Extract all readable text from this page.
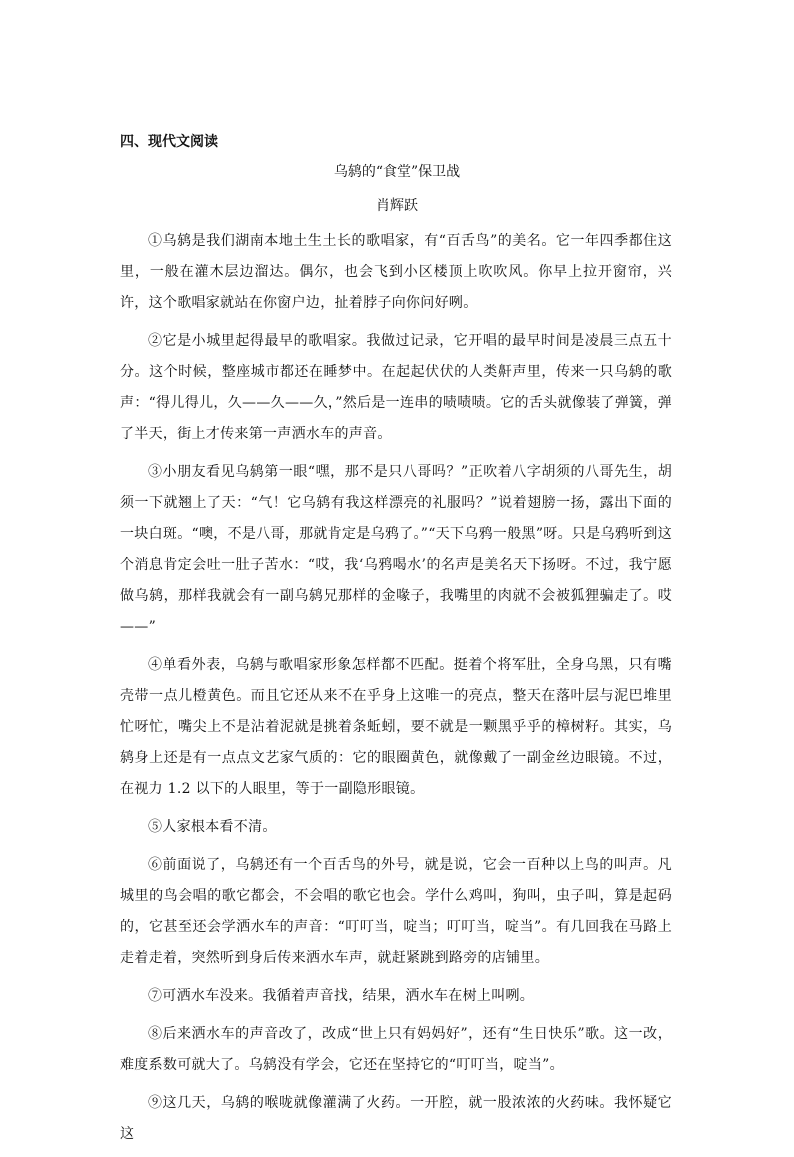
四、现代文阅读
乌鸫的“食堂”保卫战
肖辉跃

①乌鸫是我们湖南本地土生土长的歌唱家，有“百舌鸟”的美名。它一年四季都住这里，一般在灌木层边溜达。偶尔，也会飞到小区楼顶上吹吹风。你早上拉开窗帘，兴许，这个歌唱家就站在你窗户边，扯着脖子向你问好咧。

②它是小城里起得最早的歌唱家。我做过记录，它开唱的最早时间是凌晨三点五十分。这个时候，整座城市都还在睡梦中。在起起伏伏的人类鼾声里，传来一只乌鸫的歌声：“得儿得儿，久——久——久，”然后是一连串的啧啧啧。它的舌头就像装了弹簧，弹了半天，街上才传来第一声洒水车的声音。

③小朋友看见乌鸫第一眼“嘿，那不是只八哥吗？”正吹着八字胡须的八哥先生，胡须一下就翘上了天：“气！它乌鸫有我这样漂亮的礼服吗？”说着翅膀一扬，露出下面的一块白斑。“噢，不是八哥，那就肯定是乌鸦了。”“天下乌鸦一般黑”呀。只是乌鸦听到这个消息肯定会吐一肚子苦水：“哎，我‘乌鸦喝水’的名声是美名天下扬呀。不过，我宁愿做乌鸫，那样我就会有一副乌鸫兄那样的金喙子，我嘴里的肉就不会被狐狸骗走了。哎——”

④单看外表，乌鸫与歌唱家形象怎样都不匹配。挺着个将军肚，全身乌黑，只有嘴壳带一点儿橙黄色。而且它还从来不在乎身上这唯一的亮点，整天在落叶层与泥巴堆里忙呀忙，嘴尖上不是沾着泥就是挑着条蚯蚓，要不就是一颗黑乎乎的樟树籽。其实，乌鸫身上还是有一点点文艺家气质的：它的眼圈黄色，就像戴了一副金丝边眼镜。不过，在视力 1.2 以下的人眼里，等于一副隐形眼镜。

⑤人家根本看不清。

⑥前面说了，乌鸫还有一个百舌鸟的外号，就是说，它会一百种以上鸟的叫声。凡城里的鸟会唱的歌它都会，不会唱的歌它也会。学什么鸡叫，狗叫，虫子叫，算是起码的，它甚至还会学洒水车的声音：“叮叮当，啶当；叮叮当，啶当”。有几回我在马路上走着走着，突然听到身后传来洒水车声，就赶紧跳到路旁的店铺里。

⑦可洒水车没来。我循着声音找，结果，洒水车在树上叫咧。

⑧后来洒水车的声音改了，改成“世上只有妈妈好”，还有“生日快乐”歌。这一改，难度系数可就大了。乌鸫没有学会，它还在坚持它的“叮叮当，啶当”。

⑨这几天，乌鸫的喉咙就像灌满了火药。一开腔，就一股浓浓的火药味。我怀疑它这
